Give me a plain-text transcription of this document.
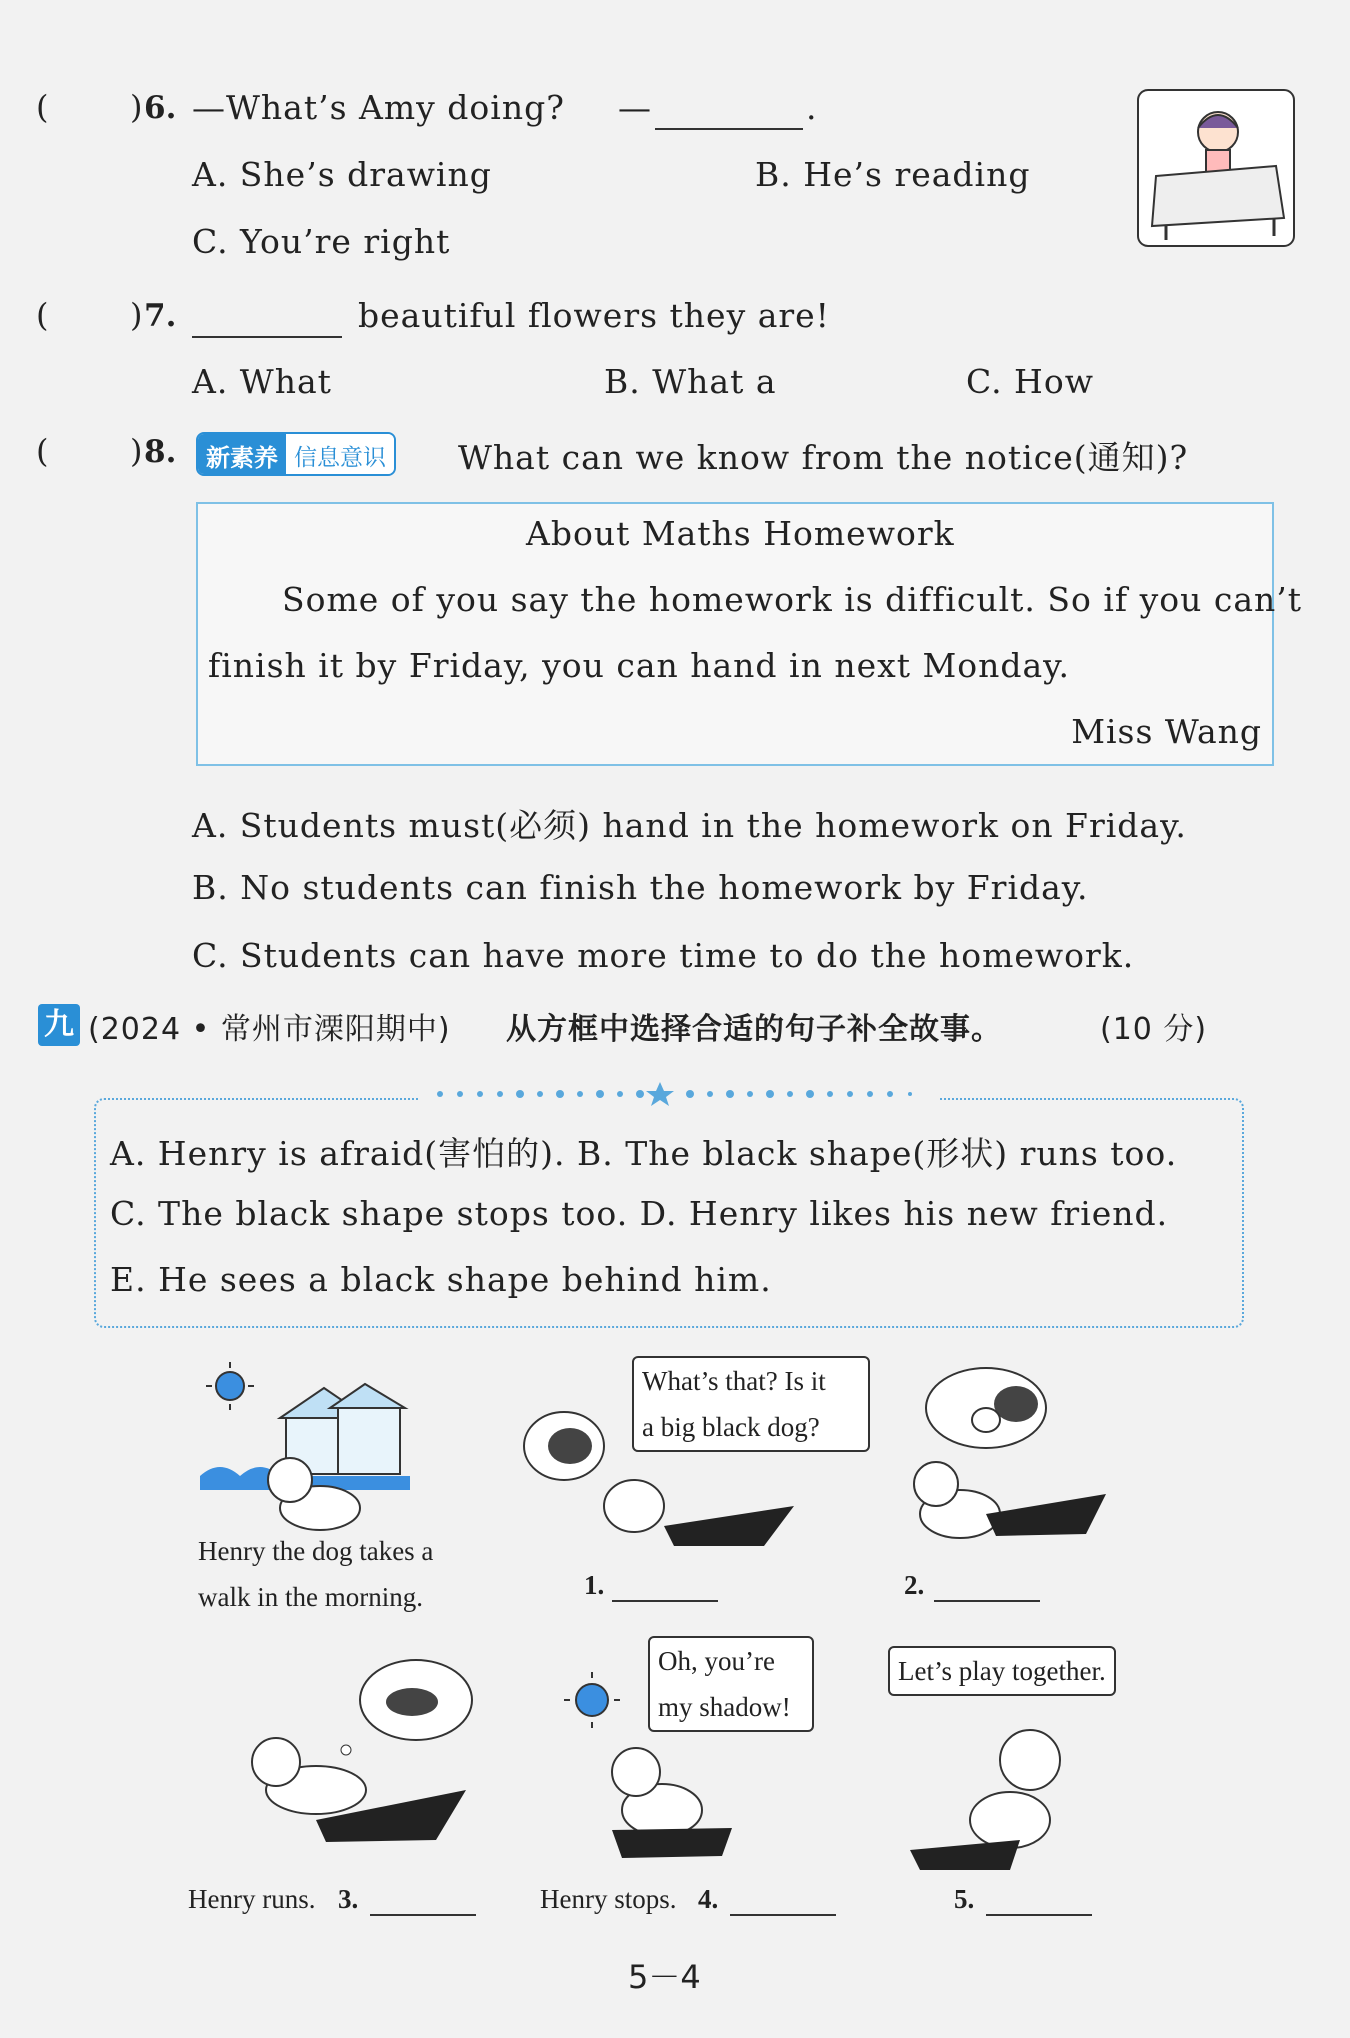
(	) 6. —What’s Amy doing? —	.
A. She’s drawing	B. He’s reading
C. You’re right
(	) 7.	beautiful flowers they are!
A. What	B. What a	C. How
(	) 8.	新素养 信息意识 What can we know from the notice(通知)?
About Maths Homework
Some of you say the homework is difficult. So if you can’t
finish it by Friday, you can hand in next Monday.
Miss Wang
A. Students must(必须) hand in the homework on Friday.
B. No students can finish the homework by Friday.
C. Students can have more time to do the homework.
九 (2024 • 常州市溧阳期中) 从方框中选择合适的句子补全故事。	(10 分)
A. Henry is afraid(害怕的). B. The black shape(形状) runs too.
C. The black shape stops too. D. Henry likes his new friend.
E. He sees a black shape behind him.
Henry the dog takes a
walk in the morning.
What’s that? Is it
a big black dog?
1.	2.
Henry runs. 3.
Oh, you’re
my shadow!
Henry stops. 4.
Let’s play together.
5.
5－4
